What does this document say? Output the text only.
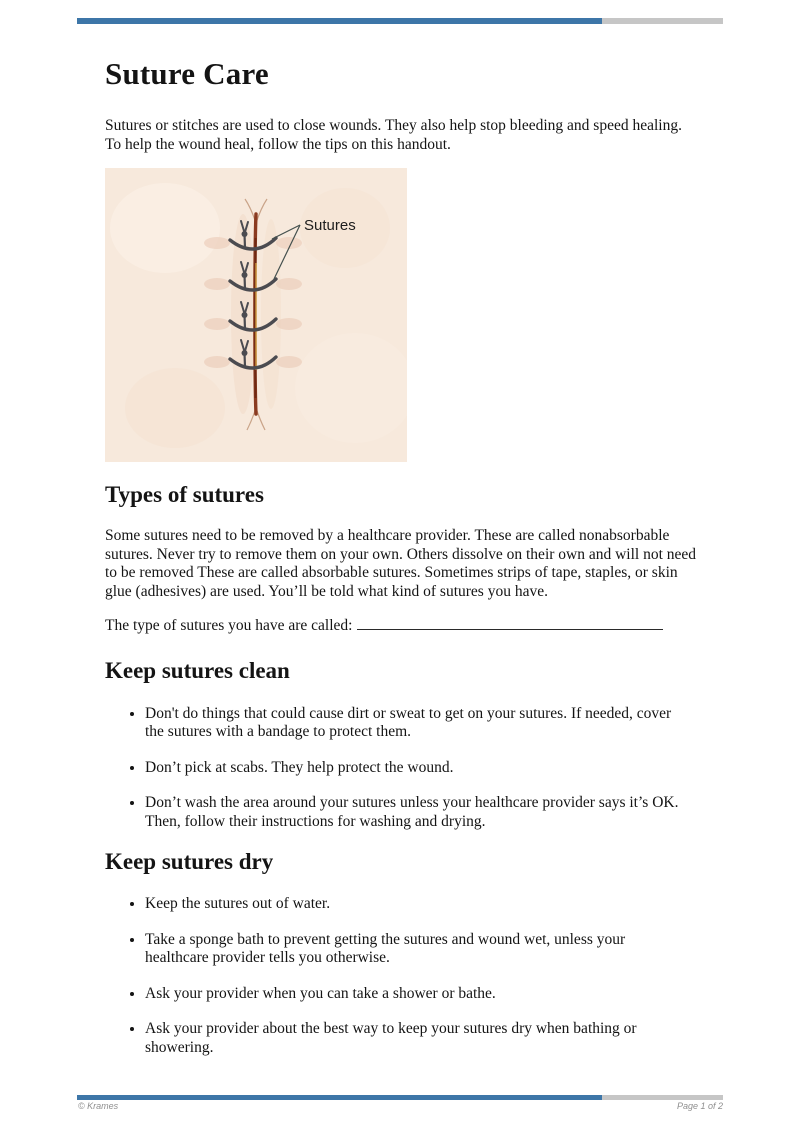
Suture Care

Sutures or stitches are used to close wounds. They also help stop bleeding and speed healing. To help the wound heal, follow the tips on this handout.

Sutures
Types of sutures

Some sutures need to be removed by a healthcare provider. These are called nonabsorbable sutures. Never try to remove them on your own. Others dissolve on their own and will not need to be removed These are called absorbable sutures. Sometimes strips of tape, staples, or skin glue (adhesives) are used. You’ll be told what kind of sutures you have.

The type of sutures you have are called:

Keep sutures clean
• Don't do things that could cause dirt or sweat to get on your sutures. If needed, cover the sutures with a bandage to protect them.
• Don’t pick at scabs. They help protect the wound.
• Don’t wash the area around your sutures unless your healthcare provider says it’s OK. Then, follow their instructions for washing and drying.
Keep sutures dry
• Keep the sutures out of water.
• Take a sponge bath to prevent getting the sutures and wound wet, unless your healthcare provider tells you otherwise.
• Ask your provider when you can take a shower or bathe.
• Ask your provider about the best way to keep your sutures dry when bathing or showering.
© Krames	Page 1 of 2
